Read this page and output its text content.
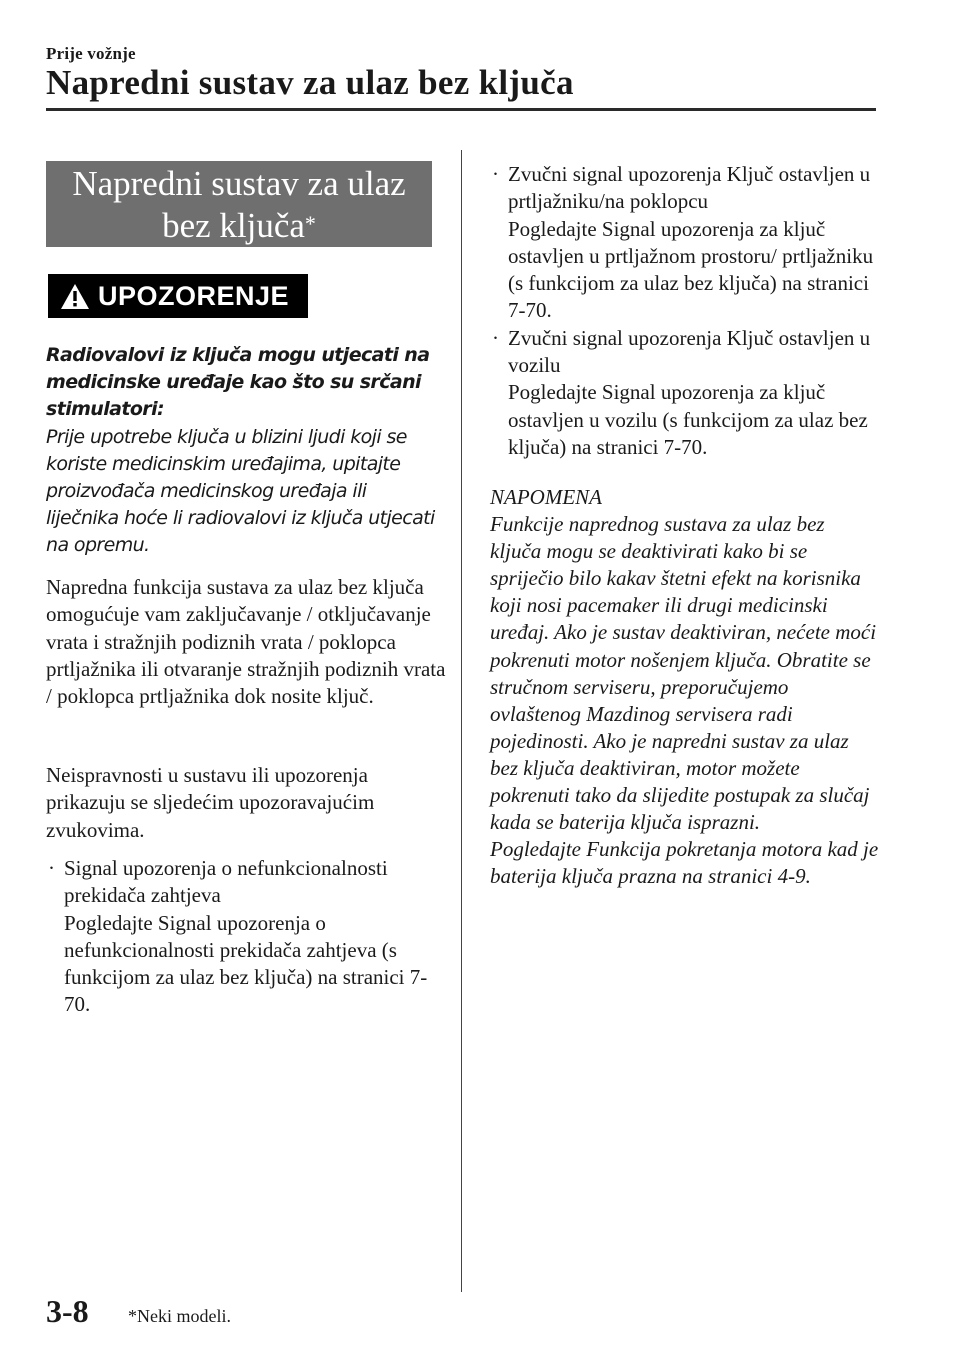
Prije vožnje
Napredni sustav za ulaz bez ključa
Napredni sustav za ulaz
bez ključa*
UPOZORENJE
Radiovalovi iz ključa mogu utjecati na medicinske uređaje kao što su srčani stimulatori:
Prije upotrebe ključa u blizini ljudi koji se koriste medicinskim uređajima, upitajte proizvođača medicinskog uređaja ili liječnika hoće li radiovalovi iz ključa utjecati na opremu.
Napredna funkcija sustava za ulaz bez ključa omogućuje vam zaključavanje / otključavanje vrata i stražnjih podiznih vrata / poklopca prtljažnika ili otvaranje stražnjih podiznih vrata / poklopca prtljažnika dok nosite ključ.
Neispravnosti u sustavu ili upozorenja prikazuju se sljedećim upozoravajućim zvukovima.
· Signal upozorenja o nefunkcionalnosti prekidača zahtjeva
Pogledajte Signal upozorenja o nefunkcionalnosti prekidača zahtjeva (s funkcijom za ulaz bez ključa) na stranici 7-70.
· Zvučni signal upozorenja Ključ ostavljen u prtljažniku/na poklopcu
Pogledajte Signal upozorenja za ključ ostavljen u prtljažnom prostoru/ prtljažniku (s funkcijom za ulaz bez ključa) na stranici 7-70.
· Zvučni signal upozorenja Ključ ostavljen u vozilu
Pogledajte Signal upozorenja za ključ ostavljen u vozilu (s funkcijom za ulaz bez ključa) na stranici 7-70.
NAPOMENA
Funkcije naprednog sustava za ulaz bez ključa mogu se deaktivirati kako bi se spriječio bilo kakav štetni efekt na korisnika koji nosi pacemaker ili drugi medicinski uređaj. Ako je sustav deaktiviran, nećete moći pokrenuti motor nošenjem ključa. Obratite se stručnom serviseru, preporučujemo ovlaštenog Mazdinog servisera radi pojedinosti. Ako je napredni sustav za ulaz bez ključa deaktiviran, motor možete pokrenuti tako da slijedite postupak za slučaj kada se baterija ključa isprazni.
Pogledajte Funkcija pokretanja motora kad je baterija ključa prazna na stranici 4-9.
3-8 *Neki modeli.
